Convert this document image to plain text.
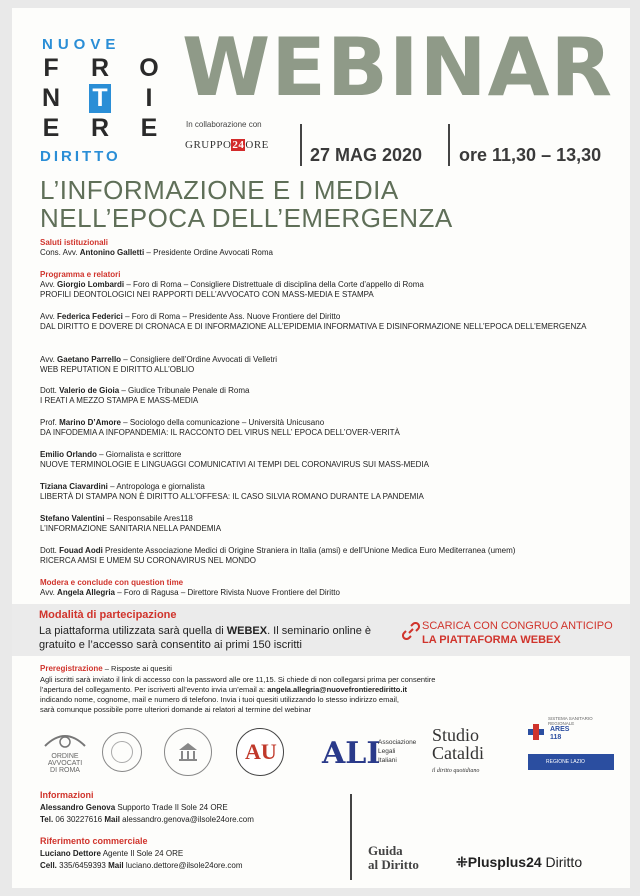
NUOVE
F R O
N T	I
E R E
DIRITTO
WEBINAR
In collaborazione con
GRUPPO24ORE 27 MAG 2020 ore 11,30 – 13,30
L’INFORMAZIONE E I MEDIA
NELL’EPOCA DELL’EMERGENZA
Saluti istituzionali
Cons. Avv. Antonino Galletti – Presidente Ordine Avvocati Roma
Programma e relatori
Avv. Giorgio Lombardi – Foro di Roma – Consigliere Distrettuale di disciplina della Corte d’appello di Roma
PROFILI DEONTOLOGICI NEI RAPPORTI DELL’AVVOCATO CON MASS-MEDIA E STAMPA
Avv. Federica Federici – Foro di Roma – Presidente Ass. Nuove Frontiere del Diritto
DAL DIRITTO E DOVERE DI CRONACA E DI INFORMAZIONE ALL’EPIDEMIA INFORMATIVA E DISINFORMAZIONE NELL’EPOCA DELL’EMERGENZA
Avv. Gaetano Parrello – Consigliere dell’Ordine Avvocati di Velletri
WEB REPUTATION E DIRITTO ALL’OBLIO
Dott. Valerio de Gioia – Giudice Tribunale Penale di Roma
I REATI A MEZZO STAMPA E MASS-MEDIA
Prof. Marino D’Amore – Sociologo della comunicazione – Università Unicusano
DA INFODEMIA A INFOPANDEMIA: IL RACCONTO DEL VIRUS NELL’ EPOCA DELL’OVER-VERITÀ
Emilio Orlando – Giornalista e scrittore
NUOVE TERMINOLOGIE E LINGUAGGI COMUNICATIVI AI TEMPI DEL CORONAVIRUS SUI MASS-MEDIA
Tiziana Ciavardini – Antropologa e giornalista
LIBERTÀ DI STAMPA NON È DIRITTO ALL’OFFESA: IL CASO SILVIA ROMANO DURANTE LA PANDEMIA
Stefano Valentini – Responsabile Ares118
L’INFORMAZIONE SANITARIA NELLA PANDEMIA
Dott. Fouad Aodi Presidente Associazione Medici di Origine Straniera in Italia (amsi) e dell’Unione Medica Euro Mediterranea (umem)
RICERCA AMSI E UMEM SU CORONAVIRUS NEL MONDO
Modera e conclude con question time
Avv. Angela Allegria – Foro di Ragusa – Direttore Rivista Nuove Frontiere del Diritto
Modalità di partecipazione
La piattaforma utilizzata sarà quella di WEBEX. Il seminario online è gratuito e l’accesso sarà consentito ai primi 150 iscritti
SCARICA CON CONGRUO ANTICIPO
LA PIATTAFORMA WEBEX
Preregistrazione – Risposte ai quesiti
Agli iscritti sarà inviato il link di accesso con la password alle ore 11,15. Si chiede di non collegarsi prima per consentire
l’apertura del collegamento. Per iscriverti all’evento invia un’email a: angela.allegria@nuovefrontierediritto.it
indicando nome, cognome, mail e numero di telefono. Invia i tuoi quesiti utilizzando lo stesso indirizzo email,
sarà comunque possibile porre ulteriori domande ai relatori al termine del webinar
ORDINE
AVVOCATI
DI ROMA
AU ALI
Associazione
Legali
Italiani
Studio
Cataldi
il diritto quotidiano
SISTEMA SANITARIO REGIONALE
ARES
118
REGIONE LAZIO
Informazioni
Alessandro Genova Supporto Trade Il Sole 24 ORE
Tel. 06 30227616 Mail alessandro.genova@ilsole24ore.com
Riferimento commerciale
Luciano Dettore Agente Il Sole 24 ORE
Cell. 335/6459393 Mail luciano.dettore@ilsole24ore.com
Guida
al Diritto	⁜Plusplus24 Diritto
